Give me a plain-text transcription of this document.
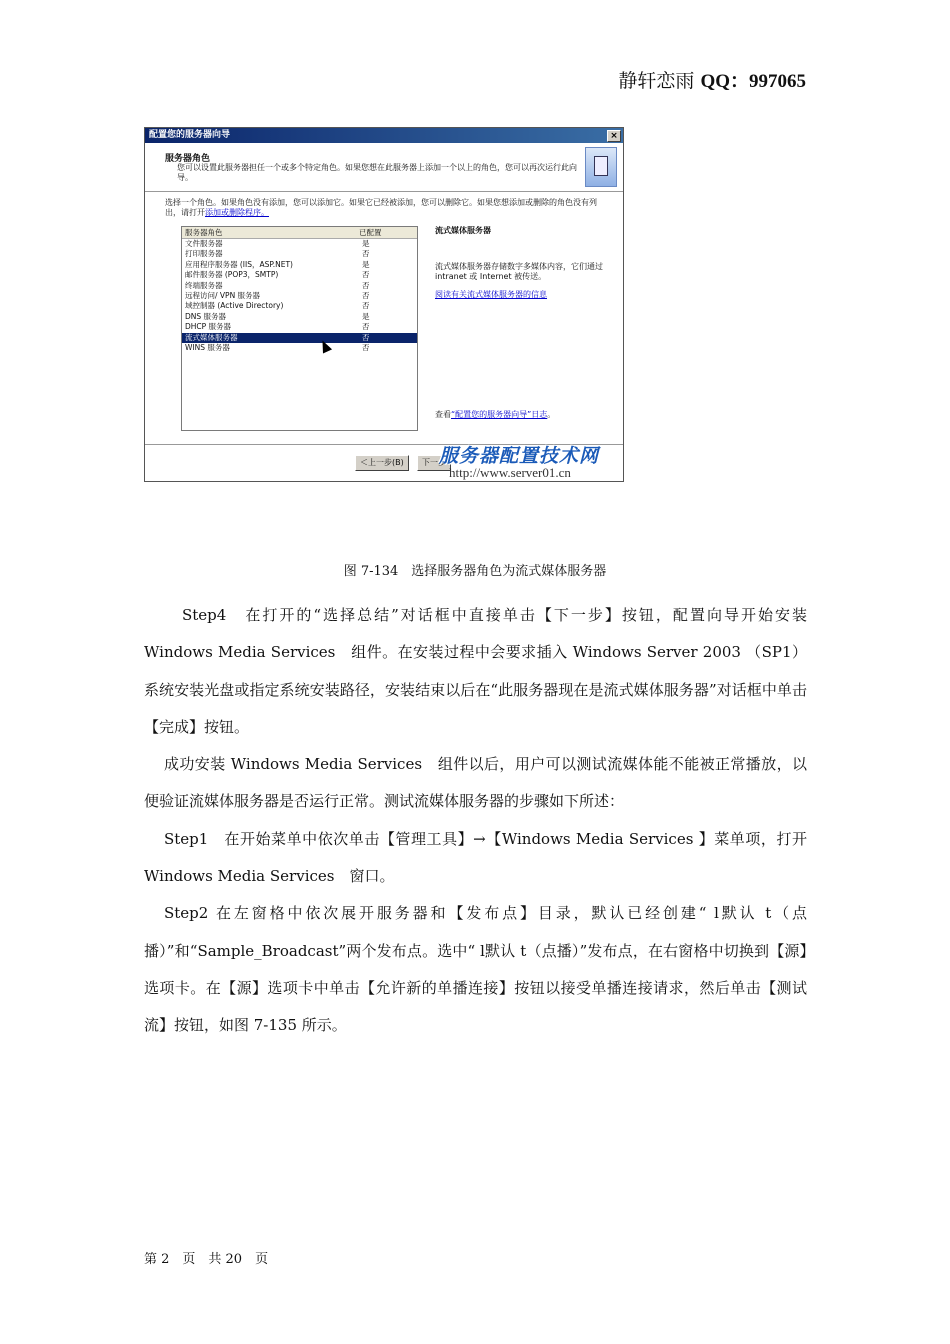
静轩恋雨 QQ：997065
配置您的服务器向导	×
服务器角色
您可以设置此服务器担任一个或多个特定角色。如果您想在此服务器上添加一个以上的角色，您可以再次运行此向导。
选择一个角色。如果角色没有添加，您可以添加它。如果它已经被添加，您可以删除它。如果您想添加或删除的角色没有列出，请打开添加或删除程序。
服务器角色	已配置
文件服务器	是
打印服务器	否
应用程序服务器 (IIS，ASP.NET)	是
邮件服务器 (POP3，SMTP)	否
终端服务器	否
远程访问/ VPN 服务器	否
域控制器 (Active Directory)	否
DNS 服务器	是
DHCP 服务器	否
流式媒体服务器	否
WINS 服务器	否
流式媒体服务器
流式媒体服务器存储数字多媒体内容，它们通过 intranet 或 Internet 被传送。
阅读有关流式媒体服务器的信息
查看“配置您的服务器向导”日志。
＜上一步(B)	下一步
服务器配置技术网
http://www.server01.cn
图 7-134　选择服务器角色为流式媒体服务器

Step4　在打开的“选择总结”对话框中直接单击【下一步】按钮，配置向导开始安装 Windows Media Services　组件。在安装过程中会要求插入 Windows Server 2003 （SP1）系统安装光盘或指定系统安装路径，安装结束以后在“此服务器现在是流式媒体服务器”对话框中单击【完成】按钮。

成功安装 Windows Media Services　组件以后，用户可以测试流媒体能不能被正常播放，以便验证流媒体服务器是否运行正常。测试流媒体服务器的步骤如下所述：

Step1　在开始菜单中依次单击【管理工具】→【Windows Media Services 】菜单项，打开 Windows Media Services　窗口。

Step2 在左窗格中依次展开服务器和【发布点】目录，默认已经创建“ l默认 t（点播）”和“Sample_Broadcast”两个发布点。选中“ l默认 t（点播）”发布点，在右窗格中切换到【源】选项卡。在【源】选项卡中单击【允许新的单播连接】按钮以接受单播连接请求，然后单击【测试流】按钮，如图 7-135 所示。

第 2　页　共 20　页
